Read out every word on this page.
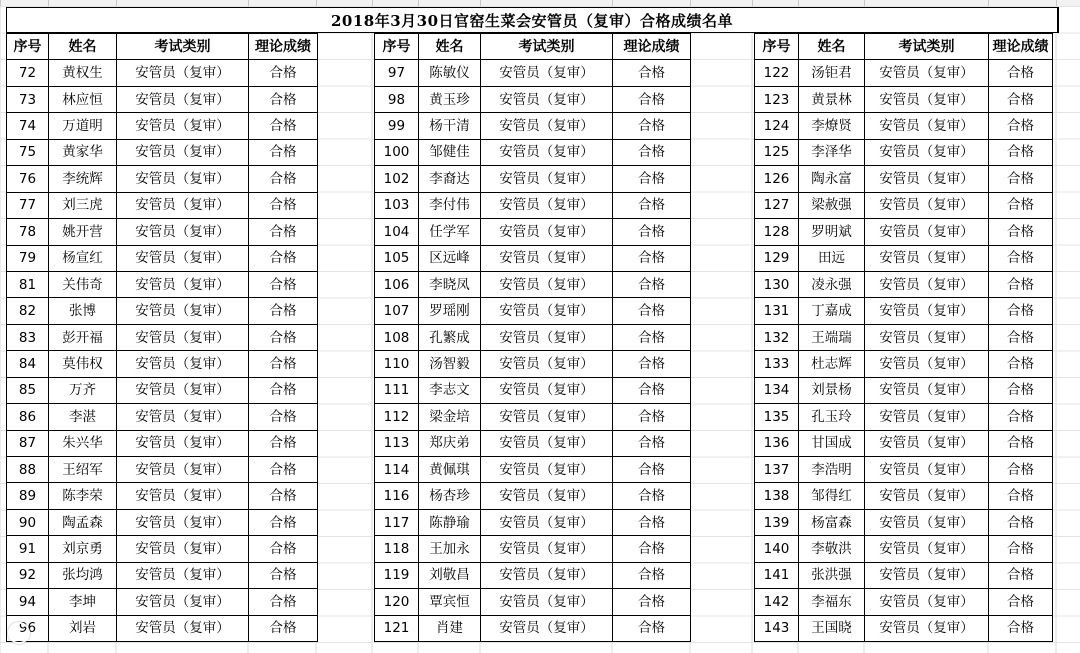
2018年3月30日官窑生菜会安管员（复审）合格成绩名单
序号	姓名	考试类别	理论成绩
72	黄权生	安管员（复审）	合格
73	林应恒	安管员（复审）	合格
74	万道明	安管员（复审）	合格
75	黄家华	安管员（复审）	合格
76	李统辉	安管员（复审）	合格
77	刘三虎	安管员（复审）	合格
78	姚开营	安管员（复审）	合格
79	杨宣红	安管员（复审）	合格
81	关伟奇	安管员（复审）	合格
82	张博	安管员（复审）	合格
83	彭开福	安管员（复审）	合格
84	莫伟权	安管员（复审）	合格
85	万齐	安管员（复审）	合格
86	李湛	安管员（复审）	合格
87	朱兴华	安管员（复审）	合格
88	王绍军	安管员（复审）	合格
89	陈李荣	安管员（复审）	合格
90	陶孟森	安管员（复审）	合格
91	刘京勇	安管员（复审）	合格
92	张均鸿	安管员（复审）	合格
94	李坤	安管员（复审）	合格
96	刘岩	安管员（复审）	合格
序号	姓名	考试类别	理论成绩
97	陈敏仪	安管员（复审）	合格
98	黄玉珍	安管员（复审）	合格
99	杨干清	安管员（复审）	合格
100	邹健佳	安管员（复审）	合格
102	李裔达	安管员（复审）	合格
103	李付伟	安管员（复审）	合格
104	任学军	安管员（复审）	合格
105	区远峰	安管员（复审）	合格
106	李晓凤	安管员（复审）	合格
107	罗瑶刚	安管员（复审）	合格
108	孔繁成	安管员（复审）	合格
110	汤智毅	安管员（复审）	合格
111	李志文	安管员（复审）	合格
112	梁金培	安管员（复审）	合格
113	郑庆弟	安管员（复审）	合格
114	黄佩琪	安管员（复审）	合格
116	杨杏珍	安管员（复审）	合格
117	陈静瑜	安管员（复审）	合格
118	王加永	安管员（复审）	合格
119	刘敬昌	安管员（复审）	合格
120	覃宾恒	安管员（复审）	合格
121	肖建	安管员（复审）	合格
序号	姓名	考试类别	理论成绩
122	汤钜君	安管员（复审）	合格
123	黄景林	安管员（复审）	合格
124	李燎贤	安管员（复审）	合格
125	李泽华	安管员（复审）	合格
126	陶永富	安管员（复审）	合格
127	梁赦强	安管员（复审）	合格
128	罗明斌	安管员（复审）	合格
129	田远	安管员（复审）	合格
130	凌永强	安管员（复审）	合格
131	丁嘉成	安管员（复审）	合格
132	王端瑞	安管员（复审）	合格
133	杜志辉	安管员（复审）	合格
134	刘景杨	安管员（复审）	合格
135	孔玉玲	安管员（复审）	合格
136	甘国成	安管员（复审）	合格
137	李浩明	安管员（复审）	合格
138	邹得红	安管员（复审）	合格
139	杨富森	安管员（复审）	合格
140	李敬洪	安管员（复审）	合格
141	张洪强	安管员（复审）	合格
142	李福东	安管员（复审）	合格
143	王国晓	安管员（复审）	合格
